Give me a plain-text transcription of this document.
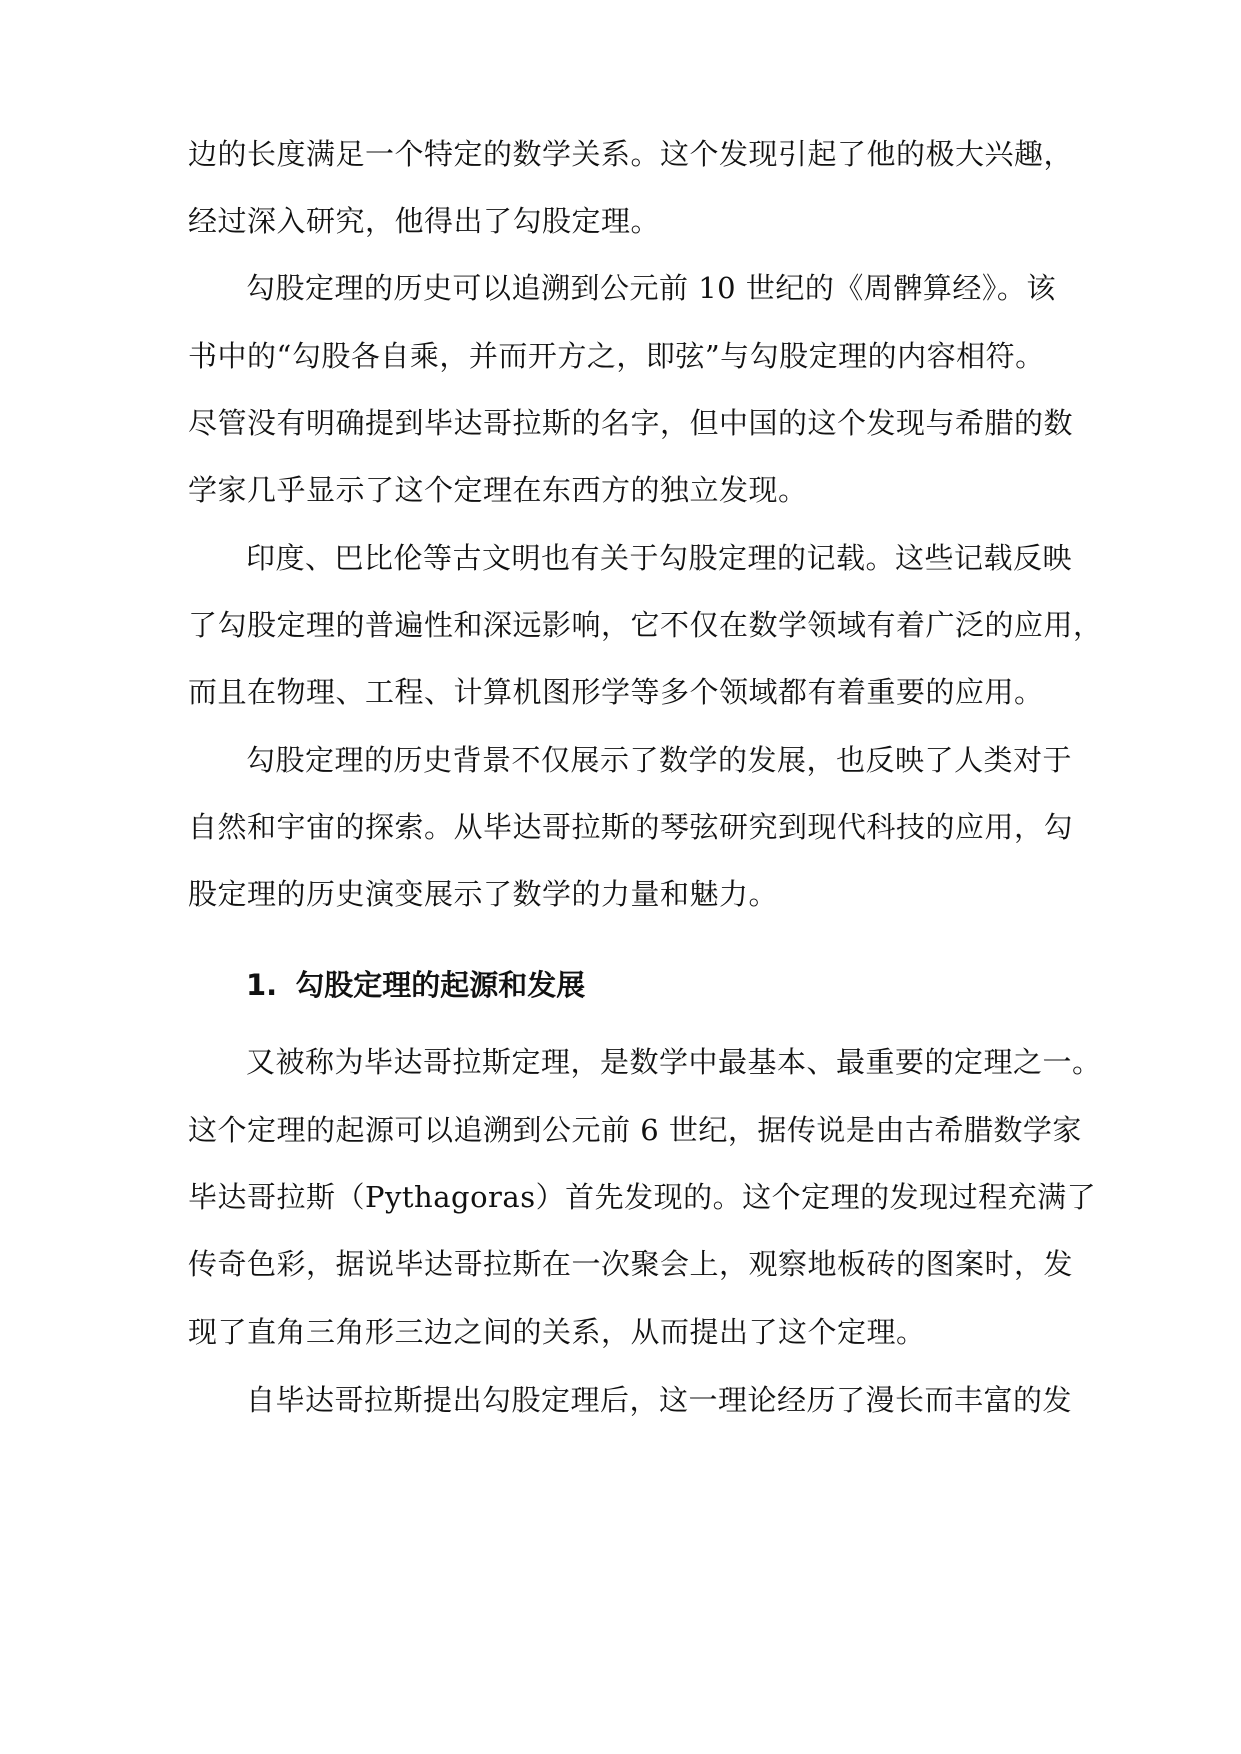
边的长度满足一个特定的数学关系。这个发现引起了他的极大兴趣，
经过深入研究，他得出了勾股定理。
勾股定理的历史可以追溯到公元前 10 世纪的《周髀算经》。该
书中的“勾股各自乘，并而开方之，即弦”与勾股定理的内容相符。
尽管没有明确提到毕达哥拉斯的名字，但中国的这个发现与希腊的数
学家几乎显示了这个定理在东西方的独立发现。
印度、巴比伦等古文明也有关于勾股定理的记载。这些记载反映
了勾股定理的普遍性和深远影响，它不仅在数学领域有着广泛的应用，
而且在物理、工程、计算机图形学等多个领域都有着重要的应用。
勾股定理的历史背景不仅展示了数学的发展，也反映了人类对于
自然和宇宙的探索。从毕达哥拉斯的琴弦研究到现代科技的应用，勾
股定理的历史演变展示了数学的力量和魅力。
1. 勾股定理的起源和发展
又被称为毕达哥拉斯定理，是数学中最基本、最重要的定理之一。
这个定理的起源可以追溯到公元前 6 世纪，据传说是由古希腊数学家
毕达哥拉斯（Pythagoras）首先发现的。这个定理的发现过程充满了
传奇色彩，据说毕达哥拉斯在一次聚会上，观察地板砖的图案时，发
现了直角三角形三边之间的关系，从而提出了这个定理。
自毕达哥拉斯提出勾股定理后，这一理论经历了漫长而丰富的发
